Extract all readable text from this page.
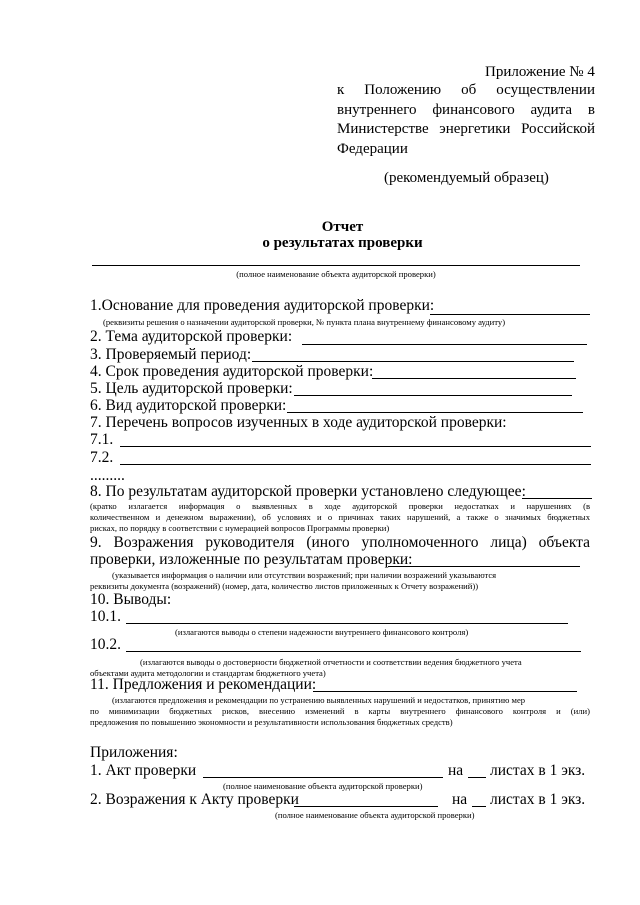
Приложение № 4
к Положению об осуществлении
внутреннего финансового аудита в
Министерстве энергетики Российской
Федерации
(рекомендуемый образец)
Отчет
о результатах проверки
(полное наименование объекта аудиторской проверки)
1.Основание для проведения аудиторской проверки:
(реквизиты решения о назначении аудиторской проверки, № пункта плана внутреннему финансовому аудиту)
2. Тема аудиторской проверки:
3. Проверяемый период:
4. Срок проведения аудиторской проверки:
5. Цель аудиторской проверки:
6. Вид аудиторской проверки:
7. Перечень вопросов изученных в ходе аудиторской проверки:
7.1.
7.2.
.........
8. По результатам аудиторской проверки установлено следующее:
(кратко излагается информация о выявленных в ходе аудиторской проверки недостатках и нарушениях (в
количественном и денежном выражении), об условиях и о причинах таких нарушений, а также о значимых бюджетных
рисках, по порядку в соответствии с нумерацией вопросов Программы проверки)
9. Возражения руководителя (иного уполномоченного лица) объекта
проверки, изложенные по результатам проверки:
(указывается информация о наличии или отсутствии возражений; при наличии возражений указываются
реквизиты документа (возражений) (номер, дата, количество листов приложенных к Отчету возражений))
10. Выводы:
10.1.
(излагаются выводы о степени надежности внутреннего финансового контроля)
10.2.
(излагаются выводы о достоверности бюджетной отчетности и соответствии ведения бюджетного учета
объектами аудита методологии и стандартам бюджетного учета)
11. Предложения и рекомендации:
(излагаются предложения и рекомендации по устранению выявленных нарушений и недостатков, принятию мер
по минимизации бюджетных рисков, внесению изменений в карты внутреннего финансового контроля и (или)
предложения по повышению экономности и результативности использования бюджетных средств)
Приложения:
1. Акт проверки	на листах в 1 экз.
(полное наименование объекта аудиторской проверки)
2. Возражения к Акту проверки	на листах в 1 экз.
(полное наименование объекта аудиторской проверки)
